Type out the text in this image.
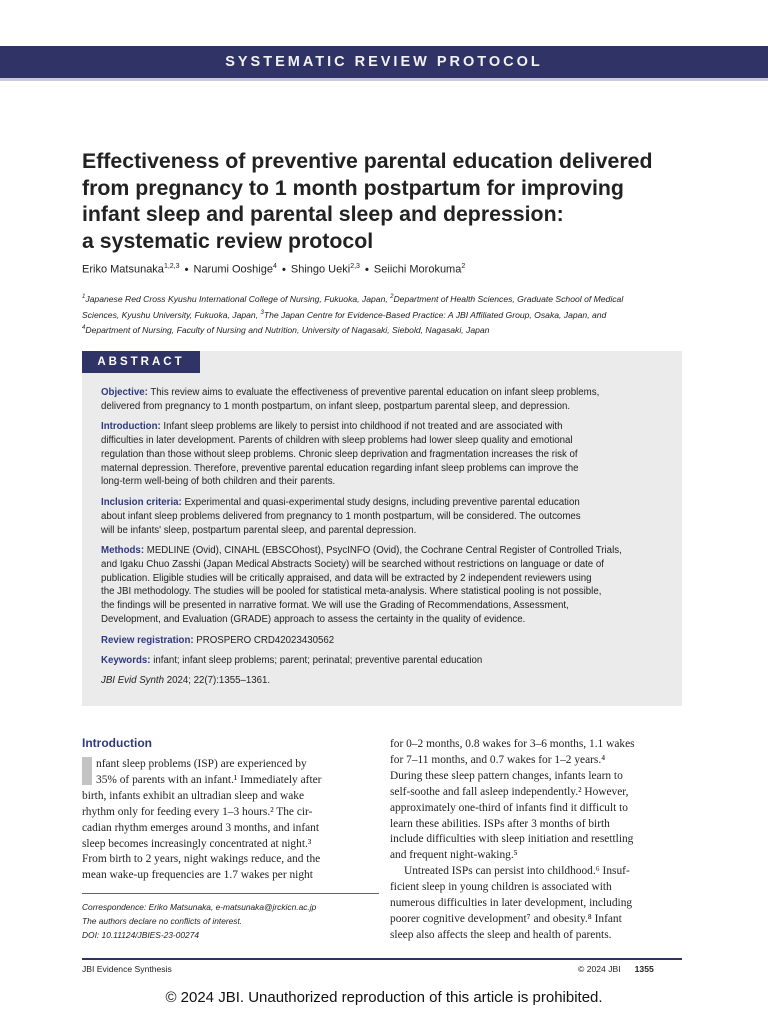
SYSTEMATIC REVIEW PROTOCOL
Effectiveness of preventive parental education delivered
from pregnancy to 1 month postpartum for improving
infant sleep and parental sleep and depression:
a systematic review protocol
Eriko Matsunaka$^{1,2,3}$ • Narumi Ooshige$^4$ • Shingo Ueki$^{2,3}$ • Seiichi Morokuma$^2$
$^1$Japanese Red Cross Kyushu International College of Nursing, Fukuoka, Japan, $^2$Department of Health Sciences, Graduate School of Medical
Sciences, Kyushu University, Fukuoka, Japan, $^3$The Japan Centre for Evidence-Based Practice: A JBI Affiliated Group, Osaka, Japan, and
$^4$Department of Nursing, Faculty of Nursing and Nutrition, University of Nagasaki, Siebold, Nagasaki, Japan
ABSTRACT
Objective: This review aims to evaluate the effectiveness of preventive parental education on infant sleep problems,
delivered from pregnancy to 1 month postpartum, on infant sleep, postpartum parental sleep, and depression.
Introduction: Infant sleep problems are likely to persist into childhood if not treated and are associated with
difficulties in later development. Parents of children with sleep problems had lower sleep quality and emotional
regulation than those without sleep problems. Chronic sleep deprivation and fragmentation increases the risk of
maternal depression. Therefore, preventive parental education regarding infant sleep problems can improve the
long-term well-being of both children and their parents.
Inclusion criteria: Experimental and quasi-experimental study designs, including preventive parental education
about infant sleep problems delivered from pregnancy to 1 month postpartum, will be considered. The outcomes
will be infants' sleep, postpartum parental sleep, and parental depression.
Methods: MEDLINE (Ovid), CINAHL (EBSCOhost), PsycINFO (Ovid), the Cochrane Central Register of Controlled Trials,
and Igaku Chuo Zasshi (Japan Medical Abstracts Society) will be searched without restrictions on language or date of
publication. Eligible studies will be critically appraised, and data will be extracted by 2 independent reviewers using
the JBI methodology. The studies will be pooled for statistical meta-analysis. Where statistical pooling is not possible,
the findings will be presented in narrative format. We will use the Grading of Recommendations, Assessment,
Development, and Evaluation (GRADE) approach to assess the certainty in the quality of evidence.
Review registration: PROSPERO CRD42023430562
Keywords: infant; infant sleep problems; parent; perinatal; preventive parental education
JBI Evid Synth 2024; 22(7):1355–1361.
Introduction
nfant sleep problems (ISP) are experienced by
35% of parents with an infant.¹ Immediately after
birth, infants exhibit an ultradian sleep and wake
rhythm only for feeding every 1–3 hours.² The cir-
cadian rhythm emerges around 3 months, and infant
sleep becomes increasingly concentrated at night.³
From birth to 2 years, night wakings reduce, and the
mean wake-up frequencies are 1.7 wakes per night
for 0–2 months, 0.8 wakes for 3–6 months, 1.1 wakes
for 7–11 months, and 0.7 wakes for 1–2 years.⁴
During these sleep pattern changes, infants learn to
self-soothe and fall asleep independently.² However,
approximately one-third of infants find it difficult to
learn these abilities. ISPs after 3 months of birth
include difficulties with sleep initiation and resettling
and frequent night-waking.⁵
Untreated ISPs can persist into childhood.⁶ Insuf-
ficient sleep in young children is associated with
numerous difficulties in later development, including
poorer cognitive development⁷ and obesity.⁸ Infant
sleep also affects the sleep and health of parents.
Correspondence: Eriko Matsunaka, e-matsunaka@jrckicn.ac.jp
The authors declare no conflicts of interest.
DOI: 10.11124/JBIES-23-00274
JBI Evidence Synthesis	© 2024 JBI 1355
© 2024 JBI. Unauthorized reproduction of this article is prohibited.
